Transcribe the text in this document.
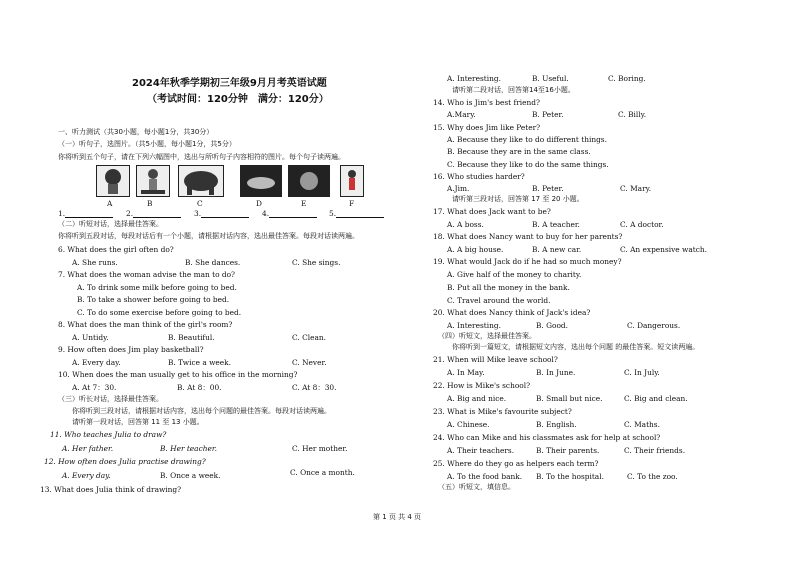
2024年秋季学期初三年级9月月考英语试题
（考试时间：120分钟　满分：120分）
一、听力测试（共30小题，每小题1分，共30分）
（一）听句子，选图片。（共5小题，每小题1分，共5分）
你将听到五个句子，请在下列六幅图中，选出与所听句子内容相符的图片。每个句子读两遍。
A	B	C	D	E	F
1.	2.	3.	4.	5.
（二）听短对话，选择最佳答案。
你将听到五段对话，每段对话后有一个小题，请根据对话内容，选出最佳答案。每段对话读两遍。
6. What does the girl often do?
A. She runs.	B. She dances.	C. She sings.
7. What does the woman advise the man to do?
A. To drink some milk before going to bed.
B. To take a shower before going to bed.
C. To do some exercise before going to bed.
8. What does the man think of the girl's room?
A. Untidy.	B. Beautiful.	C. Clean.
9. How often does Jim play basketball?
A. Every day.	B. Twice a week.	C. Never.
10. When does the man usually get to his office in the morning?
A. At 7：30.	B. At 8：00.	C. At 8：30.
（三）听长对话，选择最佳答案。
你将听到三段对话，请根据对话内容，选出每个问题的最佳答案。每段对话读两遍。
请听第一段对话，回答第 11 至 13 小题。
11. Who teaches Julia to draw?
A. Her father.	B. Her teacher.	C. Her mother.
12. How often does Julia practise drawing?
A. Every day.	B. Once a week.	C. Once a month.
13. What does Julia think of drawing?
A. Interesting.	B. Useful.	C. Boring.
请听第二段对话，回答第14至16小题。
14. Who is Jim's best friend?
A.Mary.	B. Peter.	C. Billy.
15. Why does Jim like Peter?
A. Because they like to do different things.
B. Because they are in the same class.
C. Because they like to do the same things.
16. Who studies harder?
A.Jim.	B. Peter.	C. Mary.
请听第三段对话，回答第 17 至 20 小题。
17. What does Jack want to be?
A. A boss.	B. A teacher.	C. A doctor.
18. What does Nancy want to buy for her parents?
A. A big house.	B. A new car.	C. An expensive watch.
19. What would Jack do if he had so much money?
A. Give half of the money to charity.
B. Put all the money in the bank.
C. Travel around the world.
20. What does Nancy think of Jack's idea?
A. Interesting.	B. Good.	C. Dangerous.
（四）听短文，选择最佳答案。
你将听到一篇短文，请根据短文内容，选出每个问题 的最佳答案。短文读两遍。
21. When will Mike leave school?
A. In May.	B. In June.	C. In July.
22. How is Mike's school?
A. Big and nice.	B. Small but nice.	C. Big and clean.
23. What is Mike's favourite subject?
A. Chinese.	B. English.	C. Maths.
24. Who can Mike and his classmates ask for help at school?
A. Their teachers.	B. Their parents.	C. Their friends.
25. Where do they go as helpers each term?
A. To the food bank. B. To the hospital.	C. To the zoo.
（五）听短文，填信息。
第 1 页 共 4 页
